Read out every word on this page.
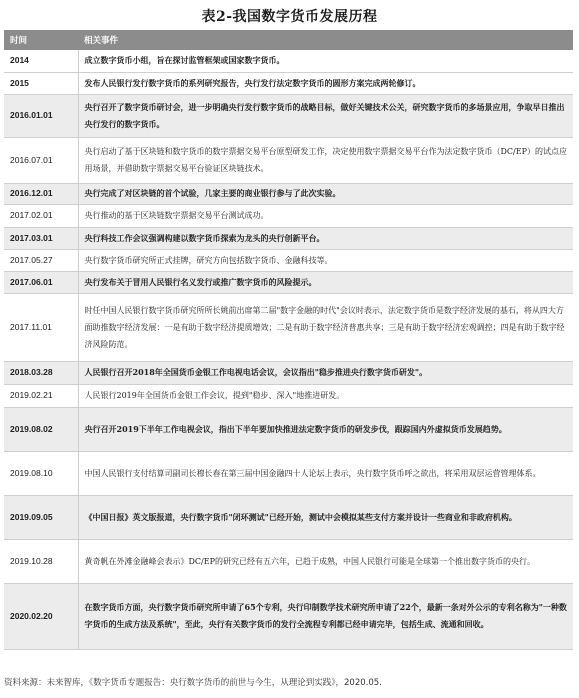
表2-我国数字货币发展历程
时间	相关事件
2014	成立数字货币小组，旨在探讨监管框架或国家数字货币。
2015	发布人民银行发行数字货币的系列研究报告，央行发行法定数字货币的圆形方案完成两轮修订。
2016.01.01	央行召开了数字货币研讨会，进一步明确央行发行数字货币的战略目标，做好关键技术公关，研究数字货币的多场景应用，争取早日推出央行发行的数字货币。
2016.07.01	央行启动了基于区块链和数字货币的数字票据交易平台原型研发工作，决定使用数字票据交易平台作为法定数字货币（DC/EP）的试点应用场景，并借助数字票据交易平台验证区块链技术。
2016.12.01	央行完成了对区块链的首个试验，几家主要的商业银行参与了此次实验。
2017.02.01	央行推动的基于区块链数字票据交易平台测试成功。
2017.03.01	央行科技工作会议强调构建以数字货币探索为龙头的央行创新平台。
2017.05.27	央行数字货币研究所正式挂牌，研究方向包括数字货币、金融科技等。
2017.06.01	央行发布关于冒用人民银行名义发行或推广数字货币的风险提示。
2017.11.01	时任中国人民银行数字货币研究所所长姚前出席第二届"数字金融的时代"会议时表示，法定数字货币是数字经济发展的基石，将从四大方面助推数字经济发展：一是有助于数字经济提质增效；二是有助于数字经济普惠共享；三是有助于数字经济宏观调控；四是有助于数字经济风险防范。
2018.03.28	人民银行召开2018年全国货币金银工作电视电话会议，会议指出"稳步推进央行数字货币研发"。
2019.02.21	人民银行2019年全国货币金银工作会议，提到"稳步、深入"地推进研发。
2019.08.02	央行召开2019下半年工作电视会议，指出下半年要加快推进法定数字货币的研发步伐，跟踪国内外虚拟货币发展趋势。
2019.08.10	中国人民银行支付结算司副司长穆长春在第三届中国金融四十人论坛上表示，央行数字货币呼之欲出，将采用双层运营管理体系。
2019.09.05	《中国日报》英文版报道，央行数字货币"闭环测试"已经开始，测试中会模拟某些支付方案并设计一些商业和非政府机构。
2019.10.28	黄奇帆在外滩金融峰会表示》DC/EP的研究已经有五六年，已趋于成熟，中国人民银行可能是全球第一个推出数字货币的央行。
2020.02.20	在数字货币方面，央行数字货币研究所申请了65个专利，央行印制数学技术研究所申请了22个，最新一条对外公示的专利名称为"一种数字货币的生成方法及系统"，至此，央行有关数字货币的发行全流程专利都已经申请完毕，包括生成、流通和回收。
资料来源：未来智库，《数字货币专题报告：央行数字货币的前世与今生，从理论到实践》，2020.05.
